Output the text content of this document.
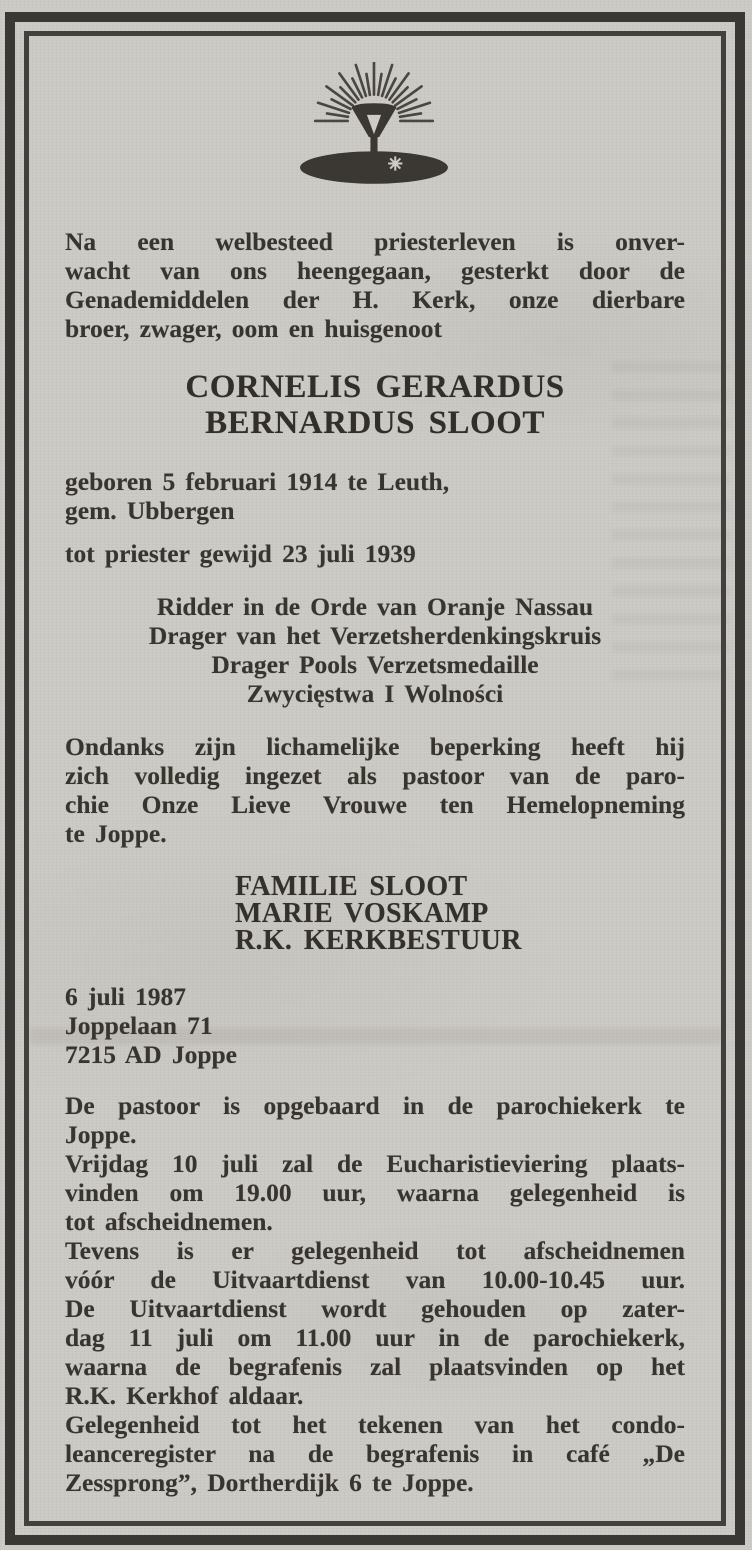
Na een welbesteed priesterleven is onver-
wacht van ons heengegaan, gesterkt door de
Genademiddelen der H. Kerk, onze dierbare
broer, zwager, oom en huisgenoot

CORNELIS GERARDUS
BERNARDUS SLOOT
geboren 5 februari 1914 te Leuth,
gem. Ubbergen
tot priester gewijd 23 juli 1939
Ridder in de Orde van Oranje Nassau
Drager van het Verzetsherdenkingskruis
Drager Pools Verzetsmedaille
Zwycięstwa I Wolności

Ondanks zijn lichamelijke beperking heeft hij
zich volledig ingezet als pastoor van de paro-
chie Onze Lieve Vrouwe ten Hemelopneming
te Joppe.

FAMILIE SLOOT
MARIE VOSKAMP
R.K. KERKBESTUUR
6 juli 1987
Joppelaan 71
7215 AD Joppe

De pastoor is opgebaard in de parochiekerk te
Joppe.
Vrijdag 10 juli zal de Eucharistieviering plaats-
vinden om 19.00 uur, waarna gelegenheid is
tot afscheidnemen.
Tevens is er gelegenheid tot afscheidnemen
vóór de Uitvaartdienst van 10.00-10.45 uur.
De Uitvaartdienst wordt gehouden op zater-
dag 11 juli om 11.00 uur in de parochiekerk,
waarna de begrafenis zal plaatsvinden op het
R.K. Kerkhof aldaar.
Gelegenheid tot het tekenen van het condo-
leanceregister na de begrafenis in café „De
Zessprong”, Dortherdijk 6 te Joppe.
